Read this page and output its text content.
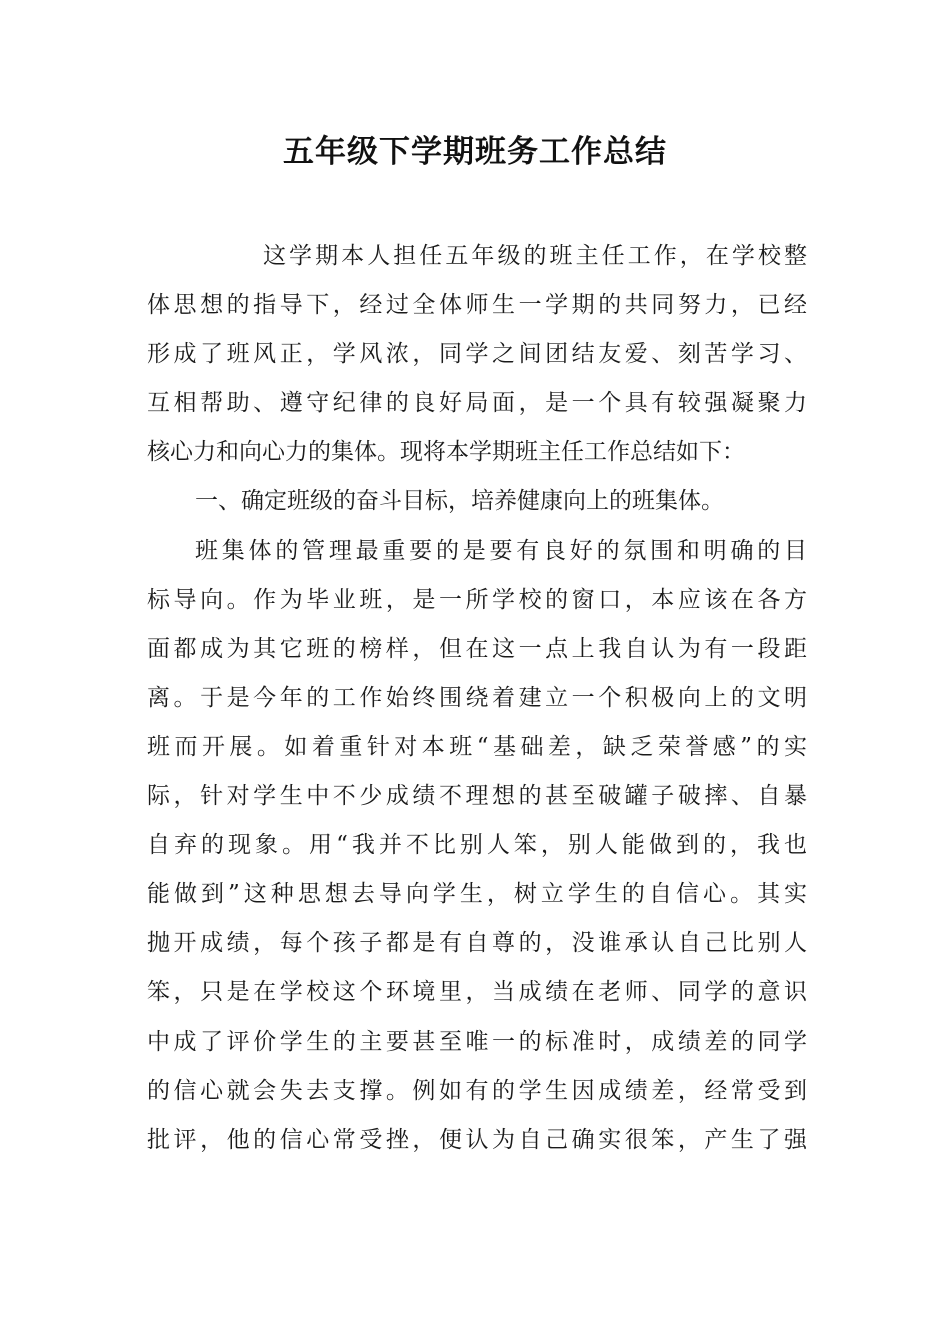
五年级下学期班务工作总结

这学期本人担任五年级的班主任工作，在学校整

体思想的指导下，经过全体师生一学期的共同努力，已经

形成了班风正，学风浓，同学之间团结友爱、刻苦学习、

互相帮助、遵守纪律的良好局面，是一个具有较强凝聚力

核心力和向心力的集体。现将本学期班主任工作总结如下：

一、确定班级的奋斗目标，培养健康向上的班集体。

班集体的管理最重要的是要有良好的氛围和明确的目

标导向。作为毕业班，是一所学校的窗口，本应该在各方

面都成为其它班的榜样，但在这一点上我自认为有一段距

离。于是今年的工作始终围绕着建立一个积极向上的文明

班而开展。如着重针对本班“基础差，缺乏荣誉感”的实

际，针对学生中不少成绩不理想的甚至破罐子破摔、自暴

自弃的现象。用“我并不比别人笨，别人能做到的，我也

能做到”这种思想去导向学生，树立学生的自信心。其实

抛开成绩，每个孩子都是有自尊的，没谁承认自己比别人

笨，只是在学校这个环境里，当成绩在老师、同学的意识

中成了评价学生的主要甚至唯一的标准时，成绩差的同学

的信心就会失去支撑。例如有的学生因成绩差，经常受到

批评，他的信心常受挫，便认为自己确实很笨，产生了强
